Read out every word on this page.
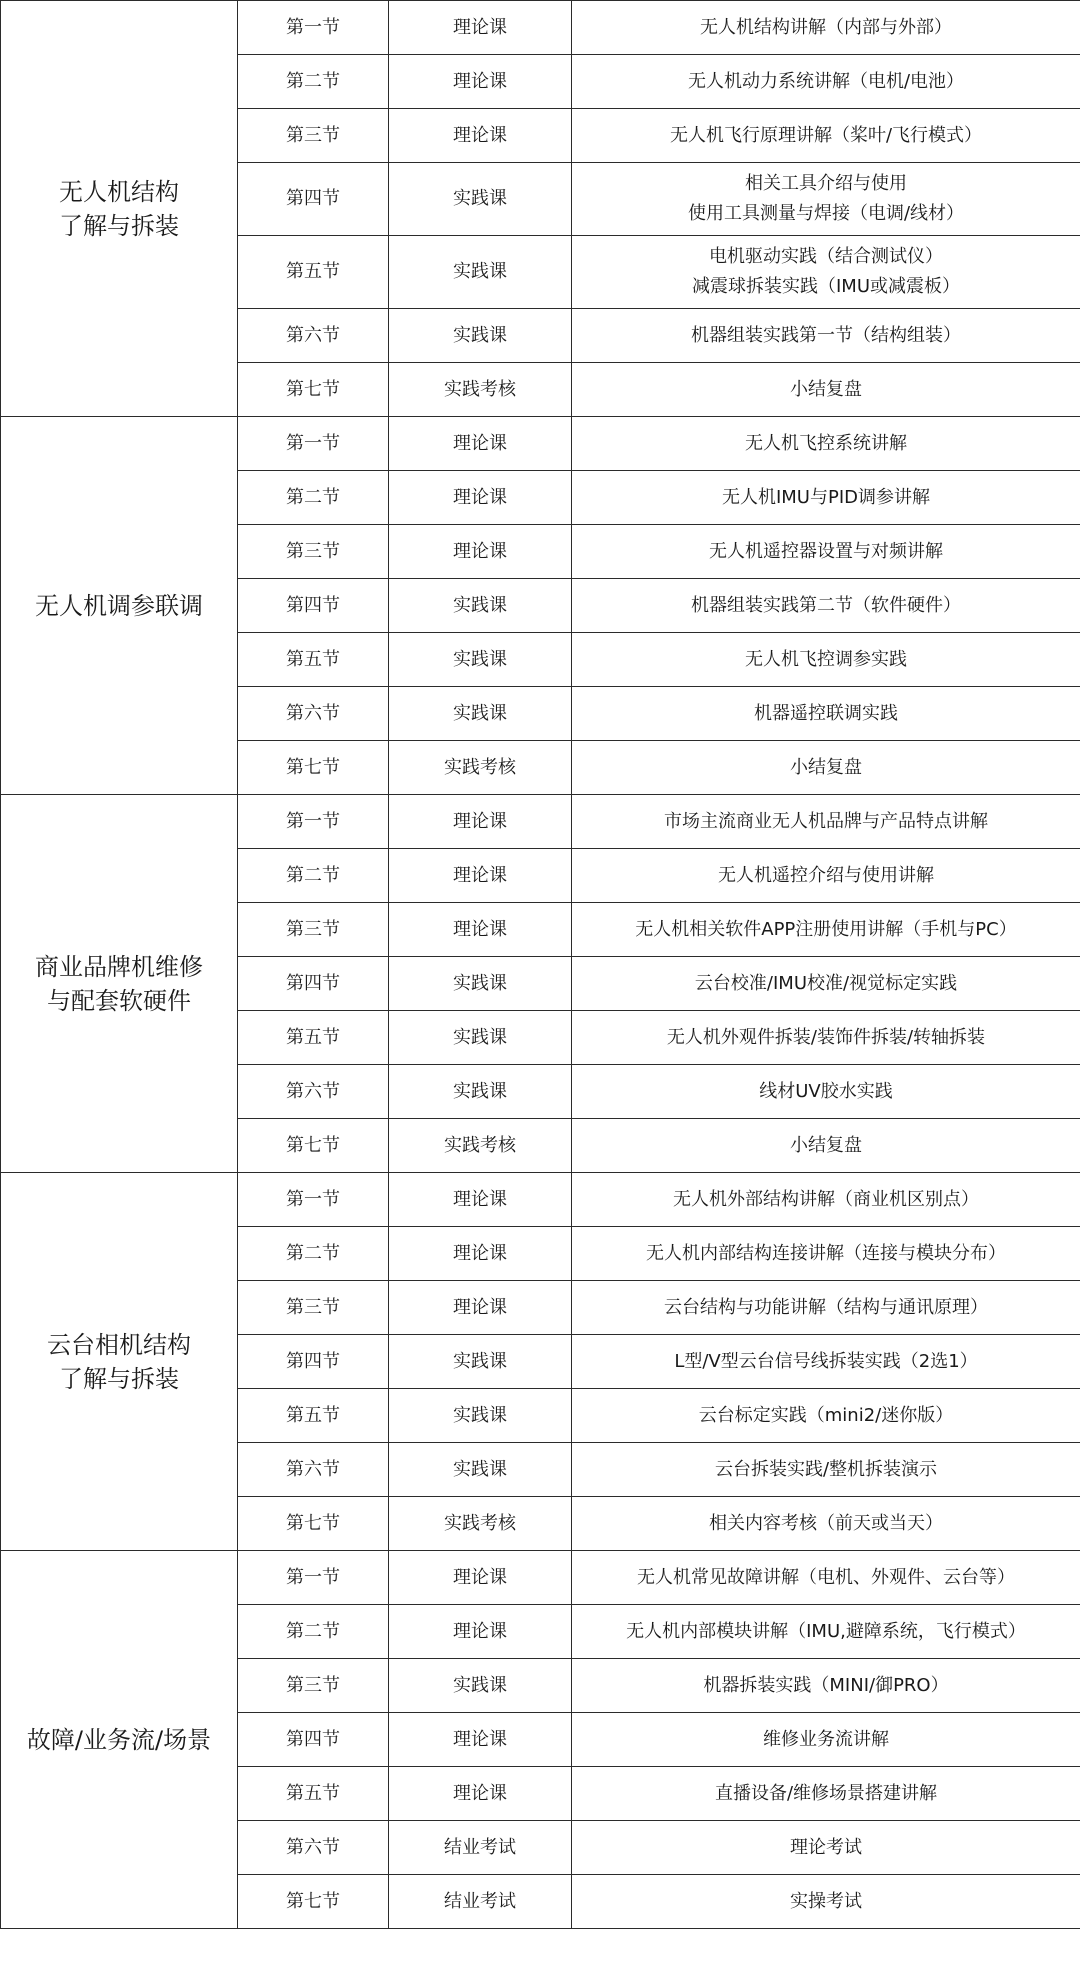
无人机结构
了解与拆装	第一节	理论课	无人机结构讲解（内部与外部）

	第二节	理论课	无人机动力系统讲解（电机/电池）

	第三节	理论课	无人机飞行原理讲解（桨叶/飞行模式）

	第四节	实践课	相关工具介绍与使用
使用工具测量与焊接（电调/线材）

	第五节	实践课	电机驱动实践（结合测试仪）
减震球拆装实践（IMU或减震板）

	第六节	实践课	机器组装实践第一节（结构组装）

	第七节	实践考核	小结复盘

无人机调参联调	第一节	理论课	无人机飞控系统讲解

	第二节	理论课	无人机IMU与PID调参讲解

	第三节	理论课	无人机遥控器设置与对频讲解

	第四节	实践课	机器组装实践第二节（软件硬件）

	第五节	实践课	无人机飞控调参实践

	第六节	实践课	机器遥控联调实践

	第七节	实践考核	小结复盘

商业品牌机维修
与配套软硬件	第一节	理论课	市场主流商业无人机品牌与产品特点讲解

	第二节	理论课	无人机遥控介绍与使用讲解

	第三节	理论课	无人机相关软件APP注册使用讲解（手机与PC）

	第四节	实践课	云台校准/IMU校准/视觉标定实践

	第五节	实践课	无人机外观件拆装/装饰件拆装/转轴拆装

	第六节	实践课	线材UV胶水实践

	第七节	实践考核	小结复盘

云台相机结构
了解与拆装	第一节	理论课	无人机外部结构讲解（商业机区别点）

	第二节	理论课	无人机内部结构连接讲解（连接与模块分布）

	第三节	理论课	云台结构与功能讲解（结构与通讯原理）

	第四节	实践课	L型/V型云台信号线拆装实践（2选1）

	第五节	实践课	云台标定实践（mini2/迷你版）

	第六节	实践课	云台拆装实践/整机拆装演示

	第七节	实践考核	相关内容考核（前天或当天）

故障/业务流/场景	第一节	理论课	无人机常见故障讲解（电机、外观件、云台等）

	第二节	理论课	无人机内部模块讲解（IMU,避障系统，飞行模式）

	第三节	实践课	机器拆装实践（MINI/御PRO）

	第四节	理论课	维修业务流讲解

	第五节	理论课	直播设备/维修场景搭建讲解

	第六节	结业考试	理论考试

	第七节	结业考试	实操考试
